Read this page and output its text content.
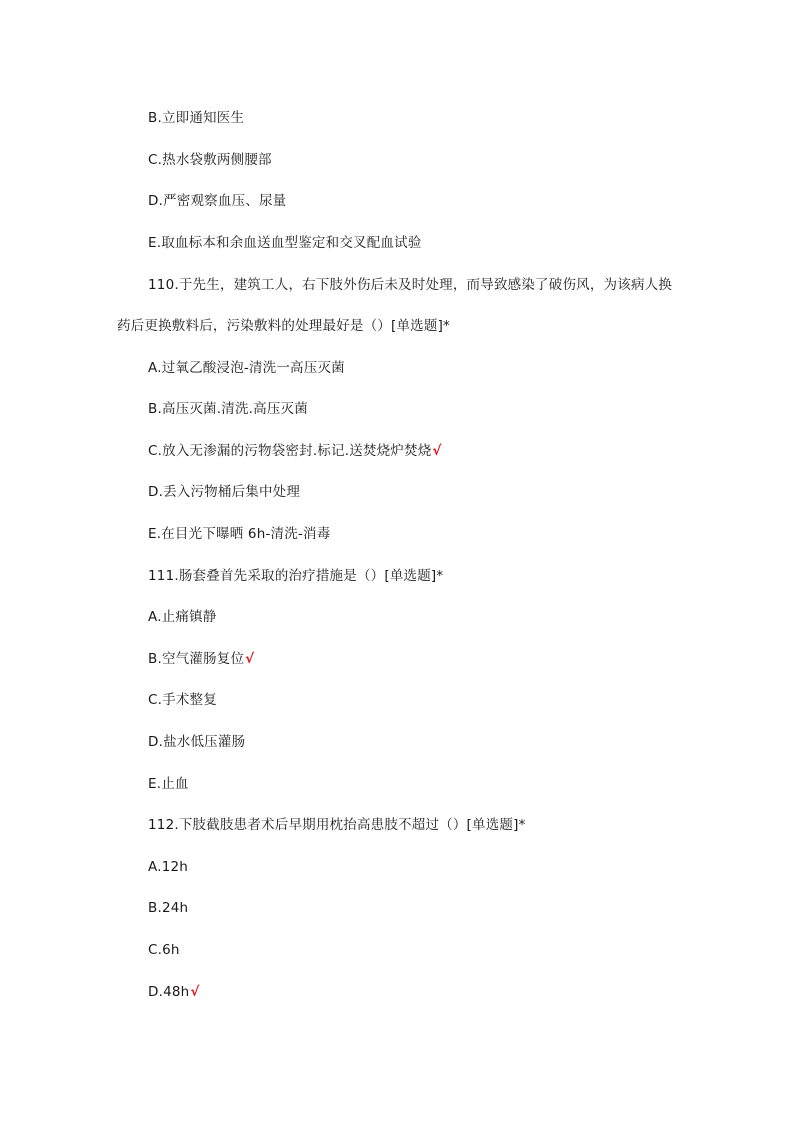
B.立即通知医生
C.热水袋敷两侧腰部
D.严密观察血压、尿量
E.取血标本和余血送血型鉴定和交叉配血试验
110.于先生，建筑工人，右下肢外伤后未及时处理，而导致感染了破伤风，为该病人换
药后更换敷料后，污染敷料的处理最好是（）[单选题]*
A.过氧乙酸浸泡-清洗一高压灭菌
B.高压灭菌.清洗.高压灭菌
C.放入无渗漏的污物袋密封.标记.送焚烧炉焚烧√
D.丢入污物桶后集中处理
E.在目光下曝晒 6h-清洗-消毒
111.肠套叠首先采取的治疗措施是（）[单选题]*
A.止痛镇静
B.空气灌肠复位√
C.手术整复
D.盐水低压灌肠
E.止血
112.下肢截肢患者术后早期用枕抬高患肢不超过（）[单选题]*
A.12h
B.24h
C.6h
D.48h√
